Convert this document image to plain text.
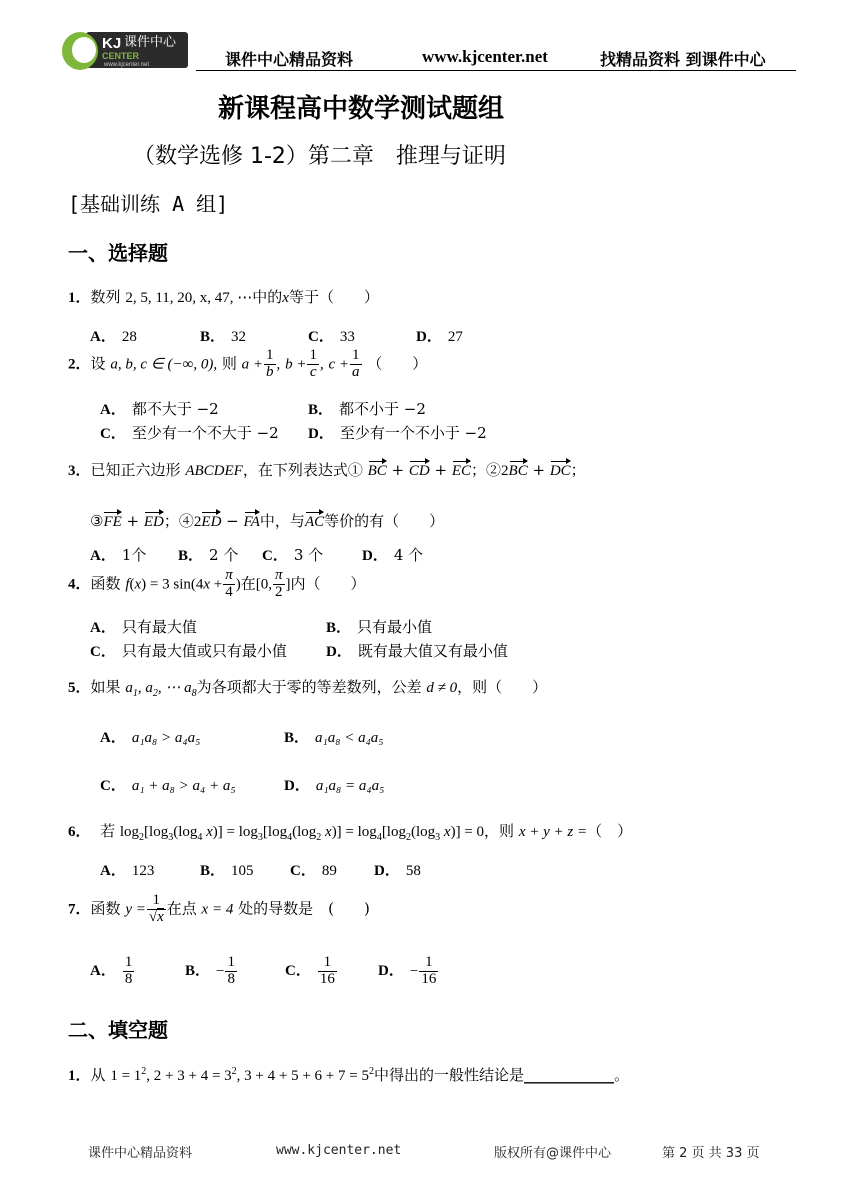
KJ 课件中心
CENTER
www.kjcenter.net	课件中心精品资料	www.kjcenter.net	找精品资料 到课件中心
新课程高中数学测试题组
（数学选修 1-2）第二章　推理与证明
[基础训练 A 组]
一、选择题
1．数列 2, 5, 11, 20, x, 47, ⋯中的x等于（　　）
A． 28	B． 32	C． 33	D． 27
2．设 a, b, c ∈ (−∞, 0), 则 $a + \frac{1}{b}$ , $b + \frac{1}{c}$ , $c + \frac{1}{a}$ （　　）
A． 都不大于 −2	B． 都不小于 −2
C． 至少有一个不大于 −2 D． 至少有一个不小于 −2
3．已知正六边形 ABCDEF，在下列表达式① BC + CD + EC；②2BC + DC；
③FE + ED；④2ED − FA中，与AC等价的有（　　）
A． 1个 B． 2 个 C． 3 个	D． 4 个
4．函数 f(x) = 3 $\sin(4x + \frac{\pi}{4}$ )在[0, $\frac{\pi}{2}$ ]内（　　）
A． 只有最大值	B． 只有最小值
C． 只有最大值或只有最小值	D． 既有最大值又有最小值
5．如果 $a_1$, $a_2$, ⋯ $a_8$为各项都大于零的等差数列，公差 d ≠ 0，则（　　）
A． a₁a₈ > a₄a₅	B． a₁a₈ < a₄a₅
C． a₁ + a₈ > a₄ + a₅	D． a₁a₈ = a₄a₅
6． 若 $\log_2[\log_3(\log_4$ $x)] = \log_3[\log_4(\log_2$ $x)] = \log_4[\log_2(\log_3$ x)] = 0，则 x + y + z =（　）
A． 123	B． 105 C． 89 D． 58
7．函数 $y = \frac{1}{√x}$ 在点 x = 4 处的导数是　(　　)
A． $\frac{1}{8}$	B． − $\frac{1}{8}$	C． $\frac{1}{16}$	D． − $\frac{1}{16}$
二、填空题
1．从 $1 = 1^2$, $2 + 3 + 4 = 3^2$, $3 + 4 + 5 + 6 + 7 = 5^2$中得出的一般性结论是____________。
课件中心精品资料	www.kjcenter.net	版权所有@课件中心	第 2 页 共 33 页
